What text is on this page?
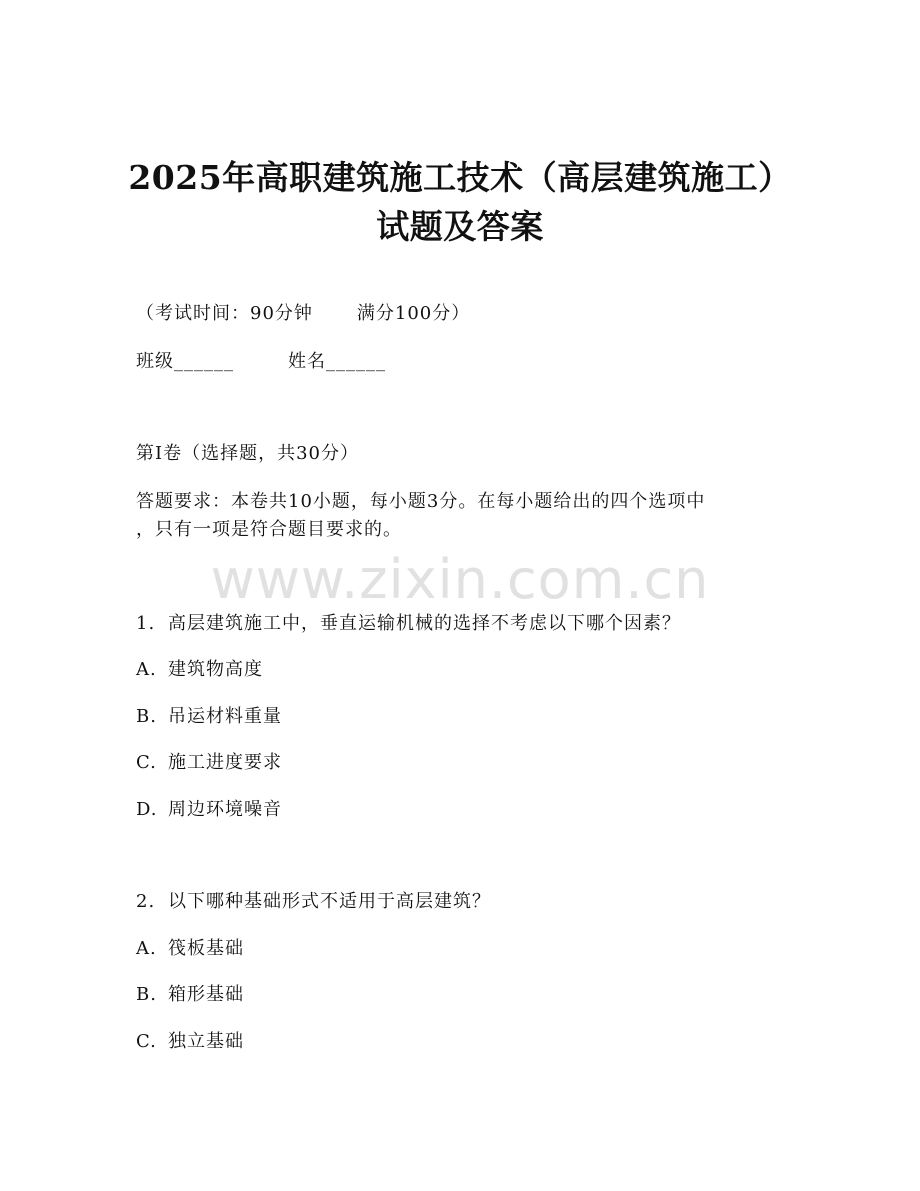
2025年高职建筑施工技术（高层建筑施工）
试题及答案
（考试时间：90分钟 满分100分）
班级______	姓名______
第I卷（选择题，共30分）
答题要求：本卷共10小题，每小题3分。在每小题给出的四个选项中
，只有一项是符合题目要求的。
www.zixin.com.cn
1. 高层建筑施工中，垂直运输机械的选择不考虑以下哪个因素？
A. 建筑物高度
B. 吊运材料重量
C. 施工进度要求
D. 周边环境噪音
2. 以下哪种基础形式不适用于高层建筑？
A. 筏板基础
B. 箱形基础
C. 独立基础
